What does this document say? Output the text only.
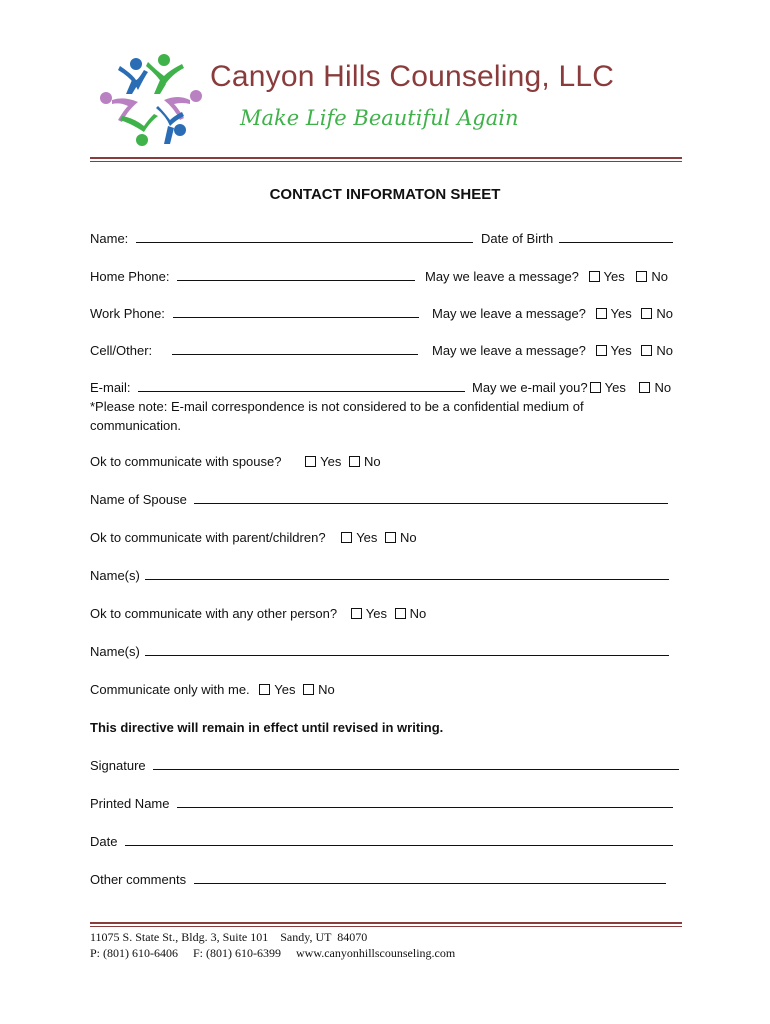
Canyon Hills Counseling, LLC
Make Life Beautiful Again
CONTACT INFORMATON SHEET
Name:	Date of Birth
Home Phone:	May we leave a message? Yes No
Work Phone:	May we leave a message? Yes No
Cell/Other:	May we leave a message? Yes No
E-mail:	May we e-mail you? Yes No
*Please note: E-mail correspondence is not considered to be a confidential medium of
communication.
Ok to communicate with spouse?	Yes No
Name of Spouse
Ok to communicate with parent/children? Yes No
Name(s)
Ok to communicate with any other person? Yes No
Name(s)
Communicate only with me. Yes No
This directive will remain in effect until revised in writing.
Signature
Printed Name
Date
Other comments
11075 S. State St., Bldg. 3, Suite 101    Sandy, UT  84070
P: (801) 610-6406     F: (801) 610-6399     www.canyonhillscounseling.com
